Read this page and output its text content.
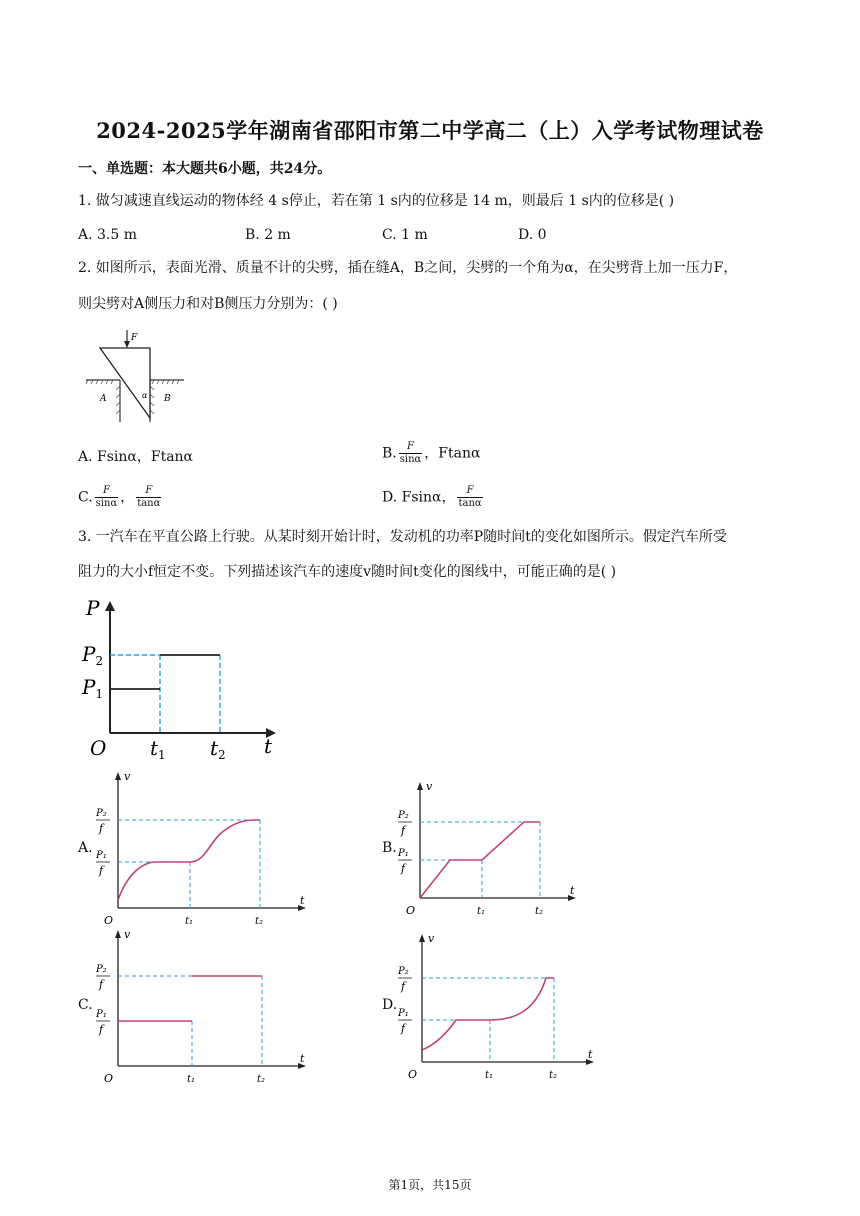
2024-2025学年湖南省邵阳市第二中学高二（上）入学考试物理试卷
一、单选题：本大题共6小题，共24分。
1. 做匀减速直线运动的物体经 4 s停止，若在第 1 s内的位移是 14 m，则最后 1 s内的位移是( )
A. 3.5 m	B. 2 m	C. 1 m	D. 0
2. 如图所示，表面光滑、质量不计的尖劈，插在缝A，B之间，尖劈的一个角为α，在尖劈背上加一压力F，
则尖劈对A侧压力和对B侧压力分别为：( )
F
A	B
α
A. Fsinα，Ftanα	B. $\frac{F}{\sin\alpha}$ ，Ftanα
C. $\frac{F}{\sin\alpha}$ ， $\frac{F}{\tan\alpha}$	D. Fsinα， $\frac{F}{\tan\alpha}$
3. 一汽车在平直公路上行驶。从某时刻开始计时，发动机的功率P随时间t的变化如图所示。假定汽车所受
阻力的大小f恒定不变。下列描述该汽车的速度v随时间t变化的图线中，可能正确的是( )
P
$P_2$
$P_1$
O $t_1$ $t_2$ t
A.	B.
C.	D.
第1页，共15页
v
t
O	t₁	t₂
P₂
f
P₁
f
v
t
O	t₁	t₂
P₂
f
P₁
f
v
t
O	t₁	t₂
P₂
f
P₁
f
v
t
O	t₁	t₂
P₂
f
P₁
f
